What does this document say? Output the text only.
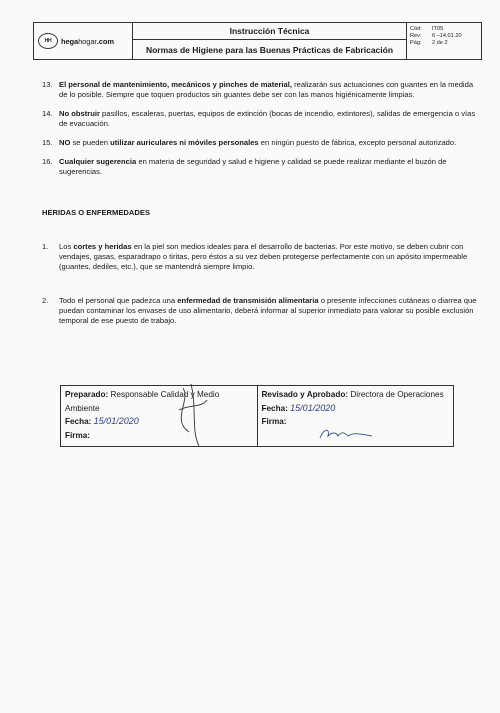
HH	hegahogar.com
Instrucción Técnica
Normas de Higiene para las Buenas Prácticas de Fabricación
Cód:	IT05
Rev:	6 –14.01.20
Pág:	2 de 2
13. El personal de mantenimiento, mecánicos y pinches de material, realizarán sus actuaciones con guantes en la medida de lo posible. Siempre que toquen productos sin guantes debe ser con las manos higiénicamente limpias.
14. No obstruir pasillos, escaleras, puertas, equipos de extinción (bocas de incendio, extintores), salidas de emergencia o vías de evacuación.
15. NO se pueden utilizar auriculares ni móviles personales en ningún puesto de fábrica, excepto personal autorizado.
16. Cualquier sugerencia en materia de seguridad y salud e higiene y calidad se puede realizar mediante el buzón de sugerencias.
HERIDAS O ENFERMEDADES
1.	Los cortes y heridas en la piel son medios ideales para el desarrollo de bacterias. Por este motivo, se deben cubrir con vendajes, gasas, esparadrapo o tiritas, pero éstos a su vez deben protegerse perfectamente con un apósito impermeable (guantes, dediles, etc.), que se mantendrá siempre limpio.
2.	Todo el personal que padezca una enfermedad de transmisión alimentaria o presente infecciones cutáneas o diarrea que puedan contaminar los envases de uso alimentario, deberá informar al superior inmediato para valorar su posible exclusión temporal de ese puesto de trabajo.
Preparado: Responsable Calidad y Medio Ambiente
Fecha: 15/01/2020
Firma:
Revisado y Aprobado: Directora de Operaciones
Fecha: 15/01/2020
Firma:
